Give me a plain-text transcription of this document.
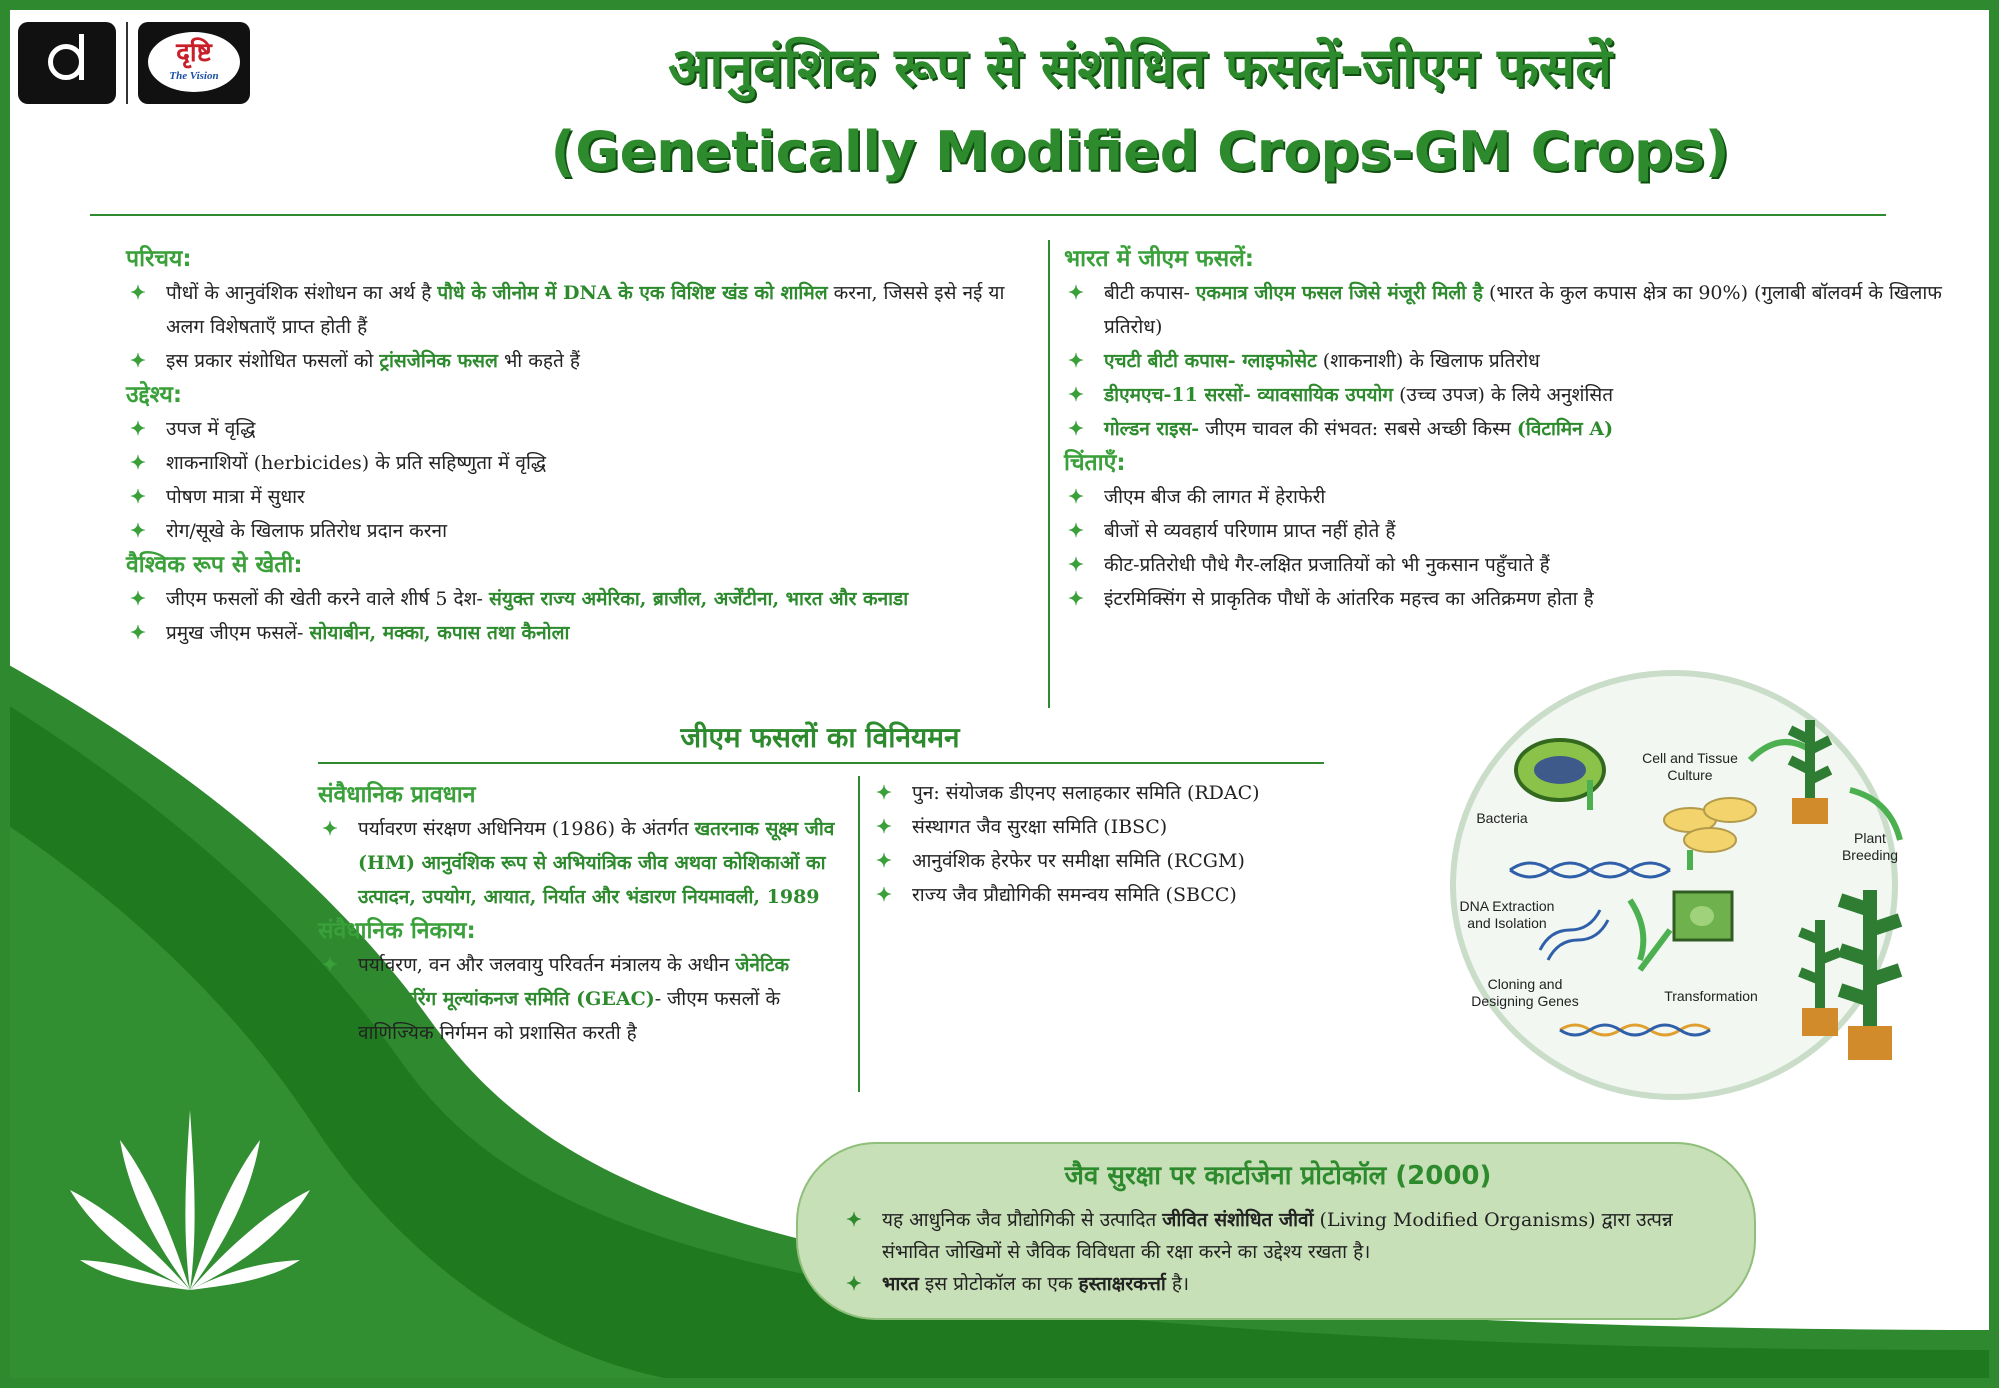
दृष्टि
The Vision	आनुवंशिक रूप से संशोधित फसलें-जीएम फसलें
(Genetically Modified Crops-GM Crops)
परिचय:
✦ पौधों के आनुवंशिक संशोधन का अर्थ है पौधे के जीनोम में DNA के एक विशिष्ट खंड को शामिल करना, जिससे इसे नई या अलग विशेषताएँ प्राप्त होती हैं
✦ इस प्रकार संशोधित फसलों को ट्रांसजेनिक फसल भी कहते हैं
उद्देश्य:
✦ उपज में वृद्धि
✦ शाकनाशियों (herbicides) के प्रति सहिष्णुता में वृद्धि
✦ पोषण मात्रा में सुधार
✦ रोग/सूखे के खिलाफ प्रतिरोध प्रदान करना
वैश्विक रूप से खेती:
✦ जीएम फसलों की खेती करने वाले शीर्ष 5 देश- संयुक्त राज्य अमेरिका, ब्राजील, अर्जेंटीना, भारत और कनाडा
✦ प्रमुख जीएम फसलें- सोयाबीन, मक्का, कपास तथा कैनोला
भारत में जीएम फसलें:
✦ बीटी कपास- एकमात्र जीएम फसल जिसे मंजूरी मिली है (भारत के कुल कपास क्षेत्र का 90%) (गुलाबी बॉलवर्म के खिलाफ प्रतिरोध)
✦ एचटी बीटी कपास- ग्लाइफोसेट (शाकनाशी) के खिलाफ प्रतिरोध
✦ डीएमएच-11 सरसों- व्यावसायिक उपयोग (उच्च उपज) के लिये अनुशंसित
✦ गोल्डन राइस- जीएम चावल की संभवत: सबसे अच्छी किस्म (विटामिन A)
चिंताएँ:
✦ जीएम बीज की लागत में हेराफेरी
✦ बीजों से व्यवहार्य परिणाम प्राप्त नहीं होते हैं
✦ कीट-प्रतिरोधी पौधे गैर-लक्षित प्रजातियों को भी नुकसान पहुँचाते हैं
✦ इंटरमिक्सिंग से प्राकृतिक पौधों के आंतरिक महत्त्व का अतिक्रमण होता है
जीएम फसलों का विनियमन
संवैधानिक प्रावधान
✦ पर्यावरण संरक्षण अधिनियम (1986) के अंतर्गत खतरनाक सूक्ष्म जीव (HM) आनुवंशिक रूप से अभियांत्रिक जीव अथवा कोशिकाओं का उत्पादन, उपयोग, आयात, निर्यात और भंडारण नियमावली, 1989
संवैधानिक निकाय:
✦ पर्यावरण, वन और जलवायु परिवर्तन मंत्रालय के अधीन जेनेटिक इंजीनियरिंग मूल्यांकनज समिति (GEAC)- जीएम फसलों के वाणिज्यिक निर्गमन को प्रशासित करती है
✦ पुन: संयोजक डीएनए सलाहकार समिति (RDAC)
✦ संस्थागत जैव सुरक्षा समिति (IBSC)
✦ आनुवंशिक हेरफेर पर समीक्षा समिति (RCGM)
✦ राज्य जैव प्रौद्योगिकी समन्वय समिति (SBCC)
Bacteria
Cell and Tissue Culture
Plant Breeding
DNA Extraction and Isolation
Cloning and Designing Genes	Transformation
जैव सुरक्षा पर कार्टाजेना प्रोटोकॉल (2000)
✦ यह आधुनिक जैव प्रौद्योगिकी से उत्पादित जीवित संशोधित जीवों (Living Modified Organisms) द्वारा उत्पन्न संभावित जोखिमों से जैविक विविधता की रक्षा करने का उद्देश्य रखता है।
✦ भारत इस प्रोटोकॉल का एक हस्ताक्षरकर्त्ता है।
